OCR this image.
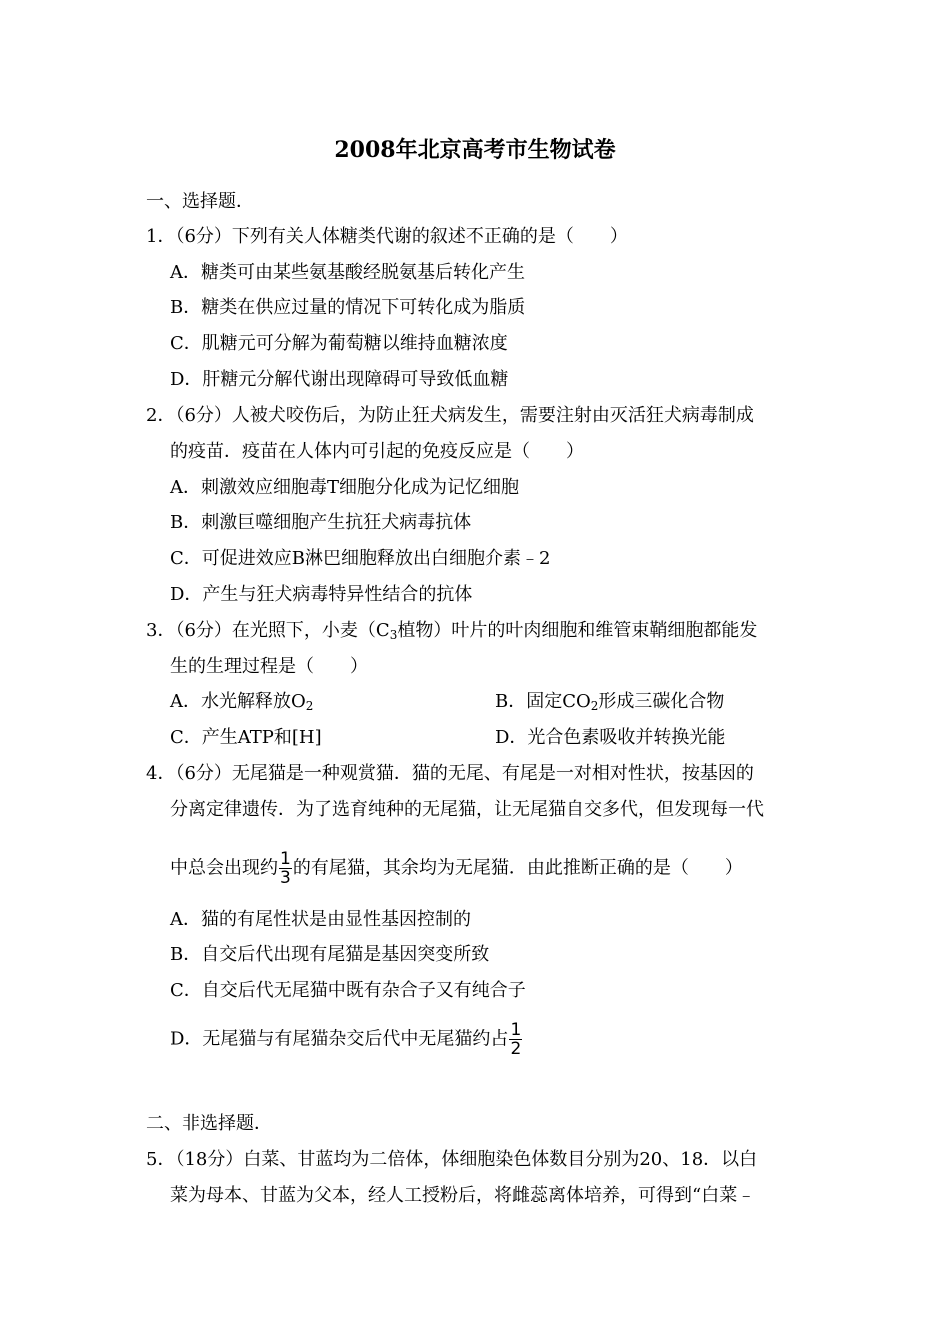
2008年北京高考市生物试卷
一、选择题．
1．（6分）下列有关人体糖类代谢的叙述不正确的是（　　）
A．糖类可由某些氨基酸经脱氨基后转化产生
B．糖类在供应过量的情况下可转化成为脂质
C．肌糖元可分解为葡萄糖以维持血糖浓度
D．肝糖元分解代谢出现障碍可导致低血糖
2．（6分）人被犬咬伤后，为防止狂犬病发生，需要注射由灭活狂犬病毒制成
的疫苗．疫苗在人体内可引起的免疫反应是（　　）
A．刺激效应细胞毒T细胞分化成为记忆细胞
B．刺激巨噬细胞产生抗狂犬病毒抗体
C．可促进效应B淋巴细胞释放出白细胞介素﹣2
D．产生与狂犬病毒特异性结合的抗体
3．（6分）在光照下，小麦（$C_3$植物）叶片的叶肉细胞和维管束鞘细胞都能发
生的生理过程是（　　）
A．水光解释放$O_2$	B．固定$CO_2$形成三碳化合物
C．产生ATP和[H]	D．光合色素吸收并转换光能
4．（6分）无尾猫是一种观赏猫．猫的无尾、有尾是一对相对性状，按基因的
分离定律遗传．为了选育纯种的无尾猫，让无尾猫自交多代，但发现每一代
中总会出现约 $\frac{1}{3}$ 的有尾猫，其余均为无尾猫．由此推断正确的是（　　）
A．猫的有尾性状是由显性基因控制的
B．自交后代出现有尾猫是基因突变所致
C．自交后代无尾猫中既有杂合子又有纯合子
D．无尾猫与有尾猫杂交后代中无尾猫约占 $\frac{1}{2}$
二、非选择题．
5．（18分）白菜、甘蓝均为二倍体，体细胞染色体数目分别为20、18．以白
菜为母本、甘蓝为父本，经人工授粉后，将雌蕊离体培养，可得到“白菜﹣
